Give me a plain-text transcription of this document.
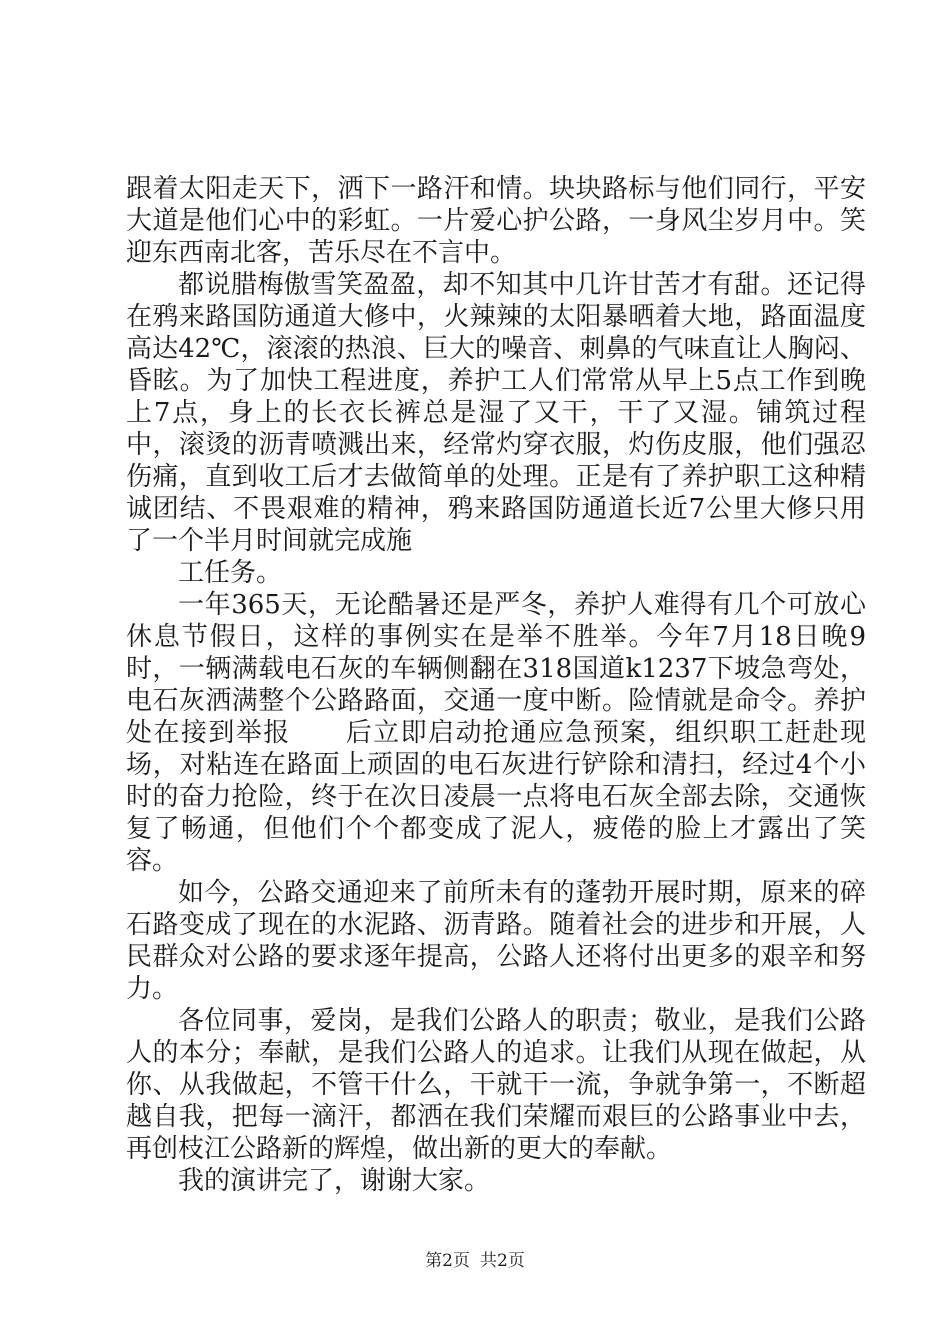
跟着太阳走天下，洒下一路汗和情。块块路标与他们同行，平安大道是他们心中的彩虹。一片爱心护公路，一身风尘岁月中。笑迎东西南北客，苦乐尽在不言中。

都说腊梅傲雪笑盈盈，却不知其中几许甘苦才有甜。还记得在鸦来路国防通道大修中，火辣辣的太阳暴晒着大地，路面温度高达42℃，滚滚的热浪、巨大的噪音、刺鼻的气味直让人胸闷、昏眩。为了加快工程进度，养护工人们常常从早上5点工作到晚上7点，身上的长衣长裤总是湿了又干，干了又湿。铺筑过程中，滚烫的沥青喷溅出来，经常灼穿衣服，灼伤皮服，他们强忍伤痛，直到收工后才去做简单的处理。正是有了养护职工这种精诚团结、不畏艰难的精神，鸦来路国防通道长近7公里大修只用了一个半月时间就完成施

工任务。

一年365天，无论酷暑还是严冬，养护人难得有几个可放心休息节假日，这样的事例实在是举不胜举。今年7月18日晚9时，一辆满载电石灰的车辆侧翻在318国道k1237下坡急弯处，电石灰洒满整个公路路面，交通一度中断。险情就是命令。养护处在接到举报　　后立即启动抢通应急预案，组织职工赶赴现场，对粘连在路面上顽固的电石灰进行铲除和清扫，经过4个小时的奋力抢险，终于在次日凌晨一点将电石灰全部去除，交通恢复了畅通，但他们个个都变成了泥人，疲倦的脸上才露出了笑容。

如今，公路交通迎来了前所未有的蓬勃开展时期，原来的碎石路变成了现在的水泥路、沥青路。随着社会的进步和开展，人民群众对公路的要求逐年提高，公路人还将付出更多的艰辛和努力。

各位同事，爱岗，是我们公路人的职责；敬业，是我们公路人的本分；奉献，是我们公路人的追求。让我们从现在做起，从你、从我做起，不管干什么，干就干一流，争就争第一，不断超越自我，把每一滴汗，都洒在我们荣耀而艰巨的公路事业中去，再创枝江公路新的辉煌，做出新的更大的奉献。

我的演讲完了，谢谢大家。

第2页 共2页
